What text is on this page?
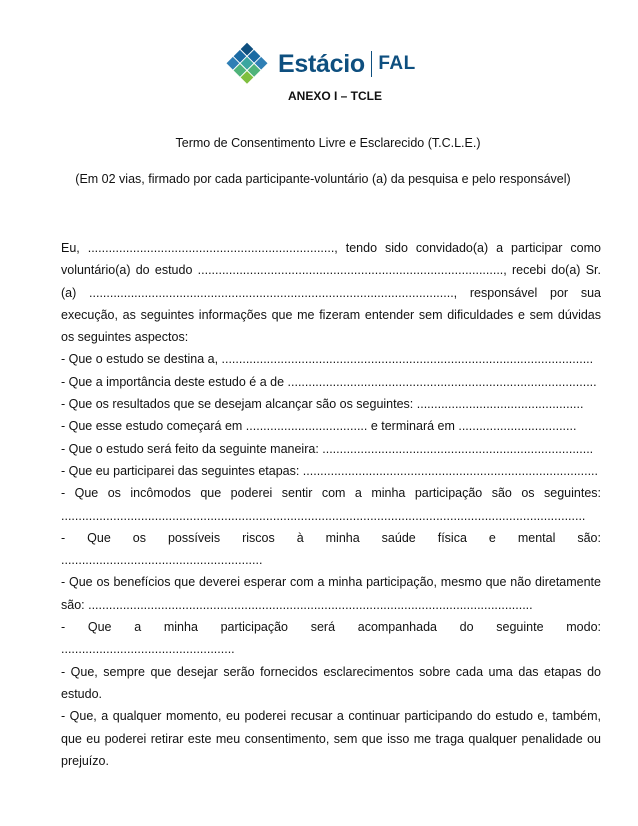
Estácio FAL
ANEXO I – TCLE
Termo de Consentimento Livre e Esclarecido (T.C.L.E.)
(Em 02 vias, firmado por cada participante-voluntário (a) da pesquisa e pelo responsável)

Eu, ......................................................................., tendo sido convidado(a) a participar como voluntário(a) do estudo ........................................................................................, recebi do(a) Sr.(a) ........................................................................................................., responsável por sua execução, as seguintes informações que me fizeram entender sem dificuldades e sem dúvidas os seguintes aspectos:

- Que o estudo se destina a, ...........................................................................................................

- Que a importância deste estudo é a de .........................................................................................

- Que os resultados que se desejam alcançar são os seguintes: ................................................

- Que esse estudo começará em ................................... e terminará em ..................................

- Que o estudo será feito da seguinte maneira: ..............................................................................

- Que eu participarei das seguintes etapas: .....................................................................................

- Que os incômodos que poderei sentir com a minha participação são os seguintes: .......................................................................................................................................................

- Que os possíveis riscos à minha saúde física e mental são: ..........................................................

- Que os benefícios que deverei esperar com a minha participação, mesmo que não diretamente são: ................................................................................................................................

- Que a minha participação será acompanhada do seguinte modo: ..................................................

- Que, sempre que desejar serão fornecidos esclarecimentos sobre cada uma das etapas do estudo.

- Que, a qualquer momento, eu poderei recusar a continuar participando do estudo e, também, que eu poderei retirar este meu consentimento, sem que isso me traga qualquer penalidade ou prejuízo.
